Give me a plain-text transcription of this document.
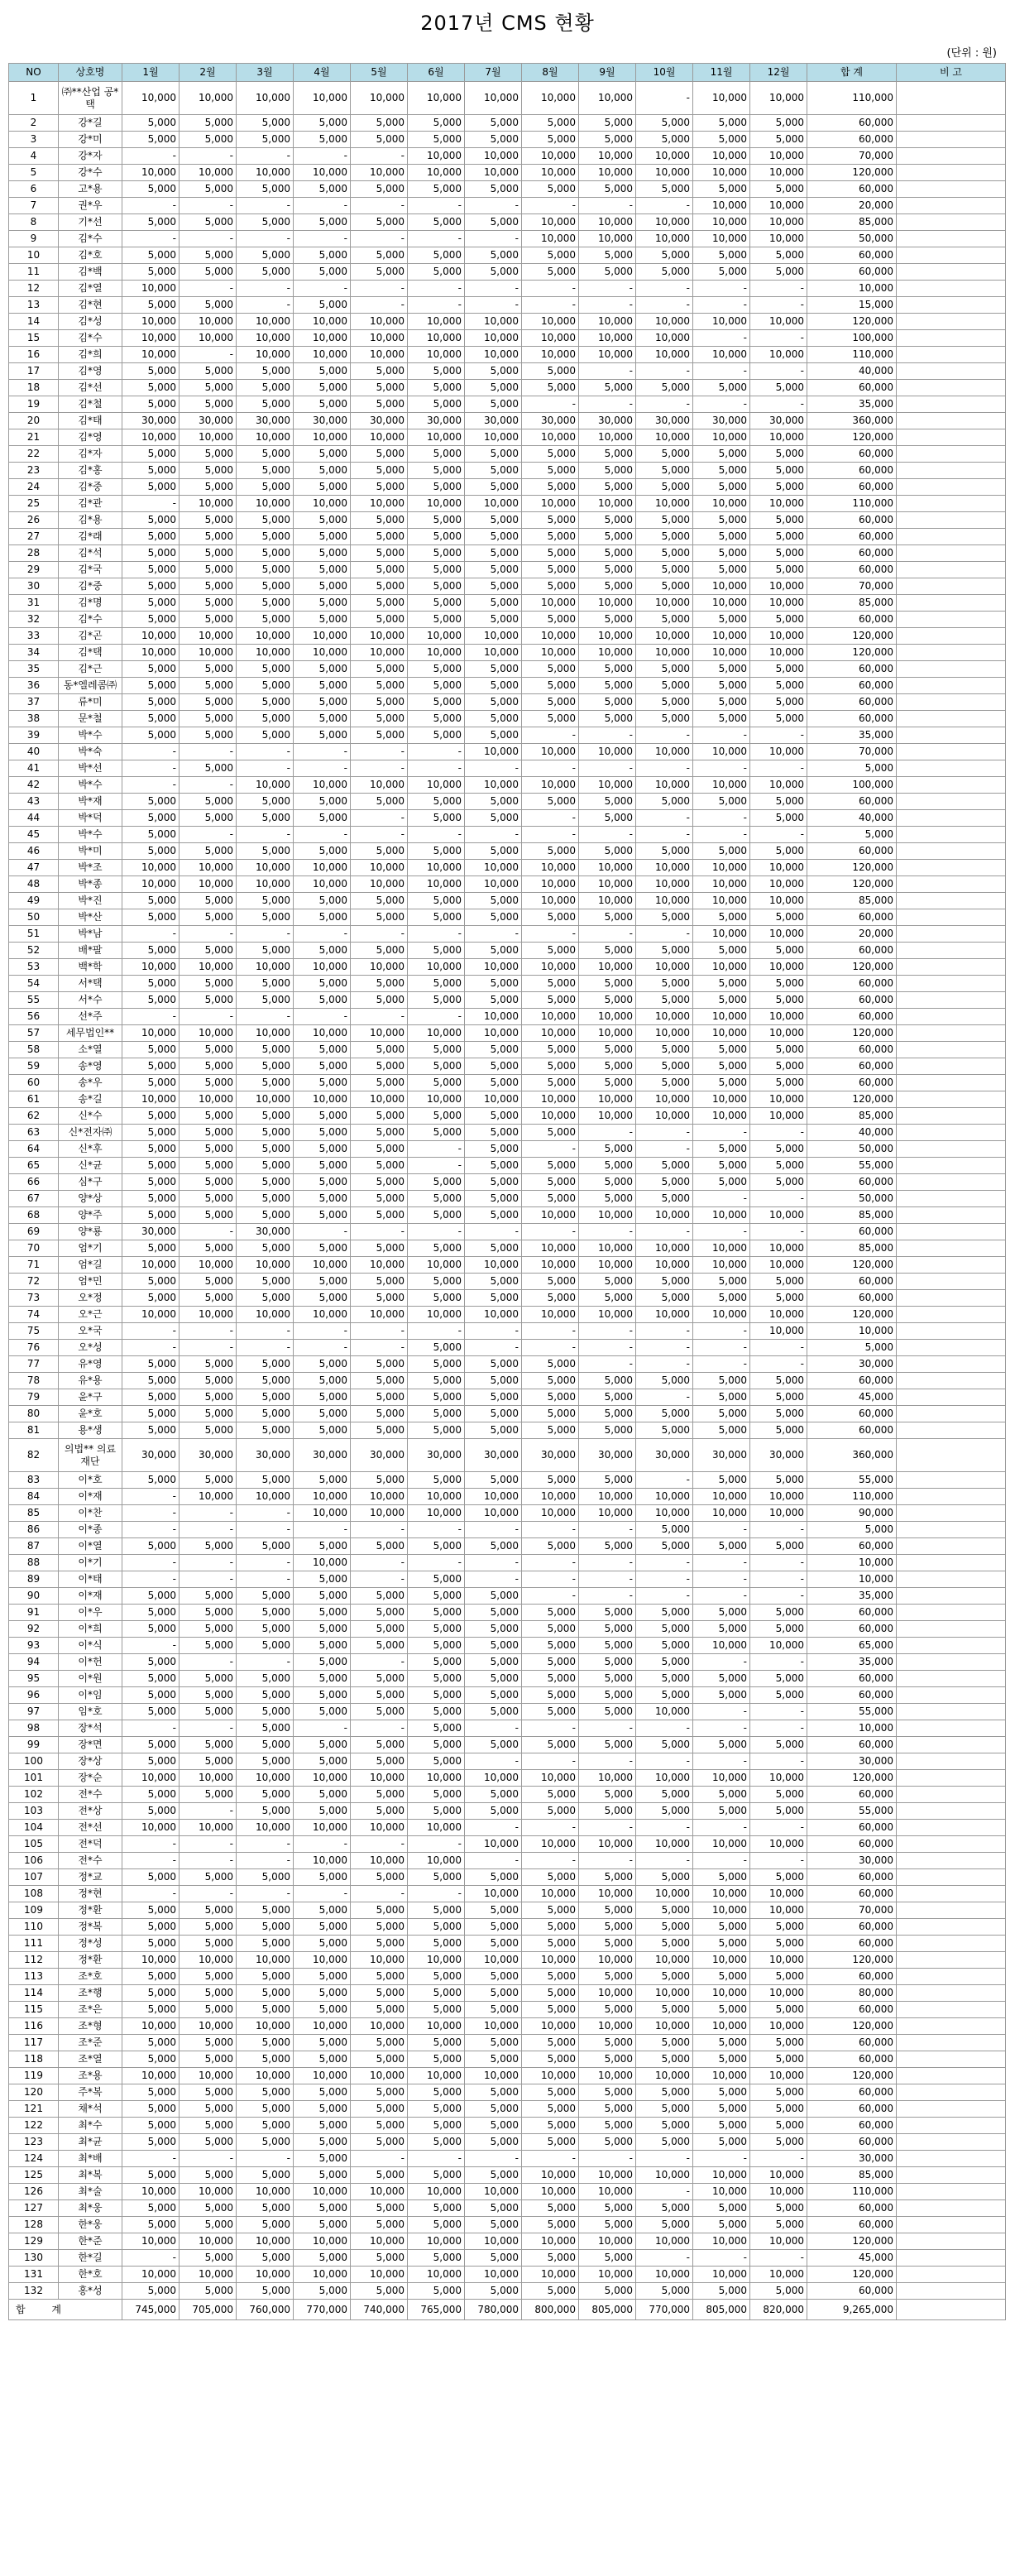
2017년 CMS 현황
(단위 : 원)
NO	상호명	1월	2월	3월	4월	5월	6월	7월	8월	9월	10월	11월	12월	합 계	비 고
1	㈜**산업 공*택	10,000	10,000	10,000	10,000	10,000	10,000	10,000	10,000	10,000	-	10,000	10,000	110,000	
2	강*길	5,000	5,000	5,000	5,000	5,000	5,000	5,000	5,000	5,000	5,000	5,000	5,000	60,000	
3	강*미	5,000	5,000	5,000	5,000	5,000	5,000	5,000	5,000	5,000	5,000	5,000	5,000	60,000	
4	강*자	-	-	-	-	-	10,000	10,000	10,000	10,000	10,000	10,000	10,000	70,000	
5	강*수	10,000	10,000	10,000	10,000	10,000	10,000	10,000	10,000	10,000	10,000	10,000	10,000	120,000	
6	고*용	5,000	5,000	5,000	5,000	5,000	5,000	5,000	5,000	5,000	5,000	5,000	5,000	60,000	
7	권*우	-	-	-	-	-	-	-	-	-	-	10,000	10,000	20,000	
8	기*선	5,000	5,000	5,000	5,000	5,000	5,000	5,000	10,000	10,000	10,000	10,000	10,000	85,000	
9	김*수	-	-	-	-	-	-	-	10,000	10,000	10,000	10,000	10,000	50,000	
10	김*호	5,000	5,000	5,000	5,000	5,000	5,000	5,000	5,000	5,000	5,000	5,000	5,000	60,000	
11	김*백	5,000	5,000	5,000	5,000	5,000	5,000	5,000	5,000	5,000	5,000	5,000	5,000	60,000	
12	김*열	10,000	-	-	-	-	-	-	-	-	-	-	-	10,000	
13	김*현	5,000	5,000	-	5,000	-	-	-	-	-	-	-	-	15,000	
14	김*성	10,000	10,000	10,000	10,000	10,000	10,000	10,000	10,000	10,000	10,000	10,000	10,000	120,000	
15	김*수	10,000	10,000	10,000	10,000	10,000	10,000	10,000	10,000	10,000	10,000	-	-	100,000	
16	김*희	10,000	-	10,000	10,000	10,000	10,000	10,000	10,000	10,000	10,000	10,000	10,000	110,000	
17	김*영	5,000	5,000	5,000	5,000	5,000	5,000	5,000	5,000	-	-	-	-	40,000	
18	김*선	5,000	5,000	5,000	5,000	5,000	5,000	5,000	5,000	5,000	5,000	5,000	5,000	60,000	
19	김*철	5,000	5,000	5,000	5,000	5,000	5,000	5,000	-	-	-	-	-	35,000	
20	김*태	30,000	30,000	30,000	30,000	30,000	30,000	30,000	30,000	30,000	30,000	30,000	30,000	360,000	
21	김*영	10,000	10,000	10,000	10,000	10,000	10,000	10,000	10,000	10,000	10,000	10,000	10,000	120,000	
22	김*자	5,000	5,000	5,000	5,000	5,000	5,000	5,000	5,000	5,000	5,000	5,000	5,000	60,000	
23	김*홍	5,000	5,000	5,000	5,000	5,000	5,000	5,000	5,000	5,000	5,000	5,000	5,000	60,000	
24	김*중	5,000	5,000	5,000	5,000	5,000	5,000	5,000	5,000	5,000	5,000	5,000	5,000	60,000	
25	김*관	-	10,000	10,000	10,000	10,000	10,000	10,000	10,000	10,000	10,000	10,000	10,000	110,000	
26	김*용	5,000	5,000	5,000	5,000	5,000	5,000	5,000	5,000	5,000	5,000	5,000	5,000	60,000	
27	김*래	5,000	5,000	5,000	5,000	5,000	5,000	5,000	5,000	5,000	5,000	5,000	5,000	60,000	
28	김*석	5,000	5,000	5,000	5,000	5,000	5,000	5,000	5,000	5,000	5,000	5,000	5,000	60,000	
29	김*국	5,000	5,000	5,000	5,000	5,000	5,000	5,000	5,000	5,000	5,000	5,000	5,000	60,000	
30	김*중	5,000	5,000	5,000	5,000	5,000	5,000	5,000	5,000	5,000	5,000	10,000	10,000	70,000	
31	김*명	5,000	5,000	5,000	5,000	5,000	5,000	5,000	10,000	10,000	10,000	10,000	10,000	85,000	
32	김*수	5,000	5,000	5,000	5,000	5,000	5,000	5,000	5,000	5,000	5,000	5,000	5,000	60,000	
33	김*곤	10,000	10,000	10,000	10,000	10,000	10,000	10,000	10,000	10,000	10,000	10,000	10,000	120,000	
34	김*택	10,000	10,000	10,000	10,000	10,000	10,000	10,000	10,000	10,000	10,000	10,000	10,000	120,000	
35	김*근	5,000	5,000	5,000	5,000	5,000	5,000	5,000	5,000	5,000	5,000	5,000	5,000	60,000	
36	동*엘레콤㈜	5,000	5,000	5,000	5,000	5,000	5,000	5,000	5,000	5,000	5,000	5,000	5,000	60,000	
37	류*미	5,000	5,000	5,000	5,000	5,000	5,000	5,000	5,000	5,000	5,000	5,000	5,000	60,000	
38	문*철	5,000	5,000	5,000	5,000	5,000	5,000	5,000	5,000	5,000	5,000	5,000	5,000	60,000	
39	박*수	5,000	5,000	5,000	5,000	5,000	5,000	5,000	-	-	-	-	-	35,000	
40	박*숙	-	-	-	-	-	-	10,000	10,000	10,000	10,000	10,000	10,000	70,000	
41	박*선	-	5,000	-	-	-	-	-	-	-	-	-	-	5,000	
42	박*수	-	-	10,000	10,000	10,000	10,000	10,000	10,000	10,000	10,000	10,000	10,000	100,000	
43	박*재	5,000	5,000	5,000	5,000	5,000	5,000	5,000	5,000	5,000	5,000	5,000	5,000	60,000	
44	박*덕	5,000	5,000	5,000	5,000	-	5,000	5,000	-	5,000	-	-	5,000	40,000	
45	박*수	5,000	-	-	-	-	-	-	-	-	-	-	-	5,000	
46	박*미	5,000	5,000	5,000	5,000	5,000	5,000	5,000	5,000	5,000	5,000	5,000	5,000	60,000	
47	박*조	10,000	10,000	10,000	10,000	10,000	10,000	10,000	10,000	10,000	10,000	10,000	10,000	120,000	
48	박*종	10,000	10,000	10,000	10,000	10,000	10,000	10,000	10,000	10,000	10,000	10,000	10,000	120,000	
49	박*진	5,000	5,000	5,000	5,000	5,000	5,000	5,000	10,000	10,000	10,000	10,000	10,000	85,000	
50	박*산	5,000	5,000	5,000	5,000	5,000	5,000	5,000	5,000	5,000	5,000	5,000	5,000	60,000	
51	박*남	-	-	-	-	-	-	-	-	-	-	10,000	10,000	20,000	
52	배*팔	5,000	5,000	5,000	5,000	5,000	5,000	5,000	5,000	5,000	5,000	5,000	5,000	60,000	
53	백*학	10,000	10,000	10,000	10,000	10,000	10,000	10,000	10,000	10,000	10,000	10,000	10,000	120,000	
54	서*택	5,000	5,000	5,000	5,000	5,000	5,000	5,000	5,000	5,000	5,000	5,000	5,000	60,000	
55	서*수	5,000	5,000	5,000	5,000	5,000	5,000	5,000	5,000	5,000	5,000	5,000	5,000	60,000	
56	선*주	-	-	-	-	-	-	10,000	10,000	10,000	10,000	10,000	10,000	60,000	
57	세무법인**	10,000	10,000	10,000	10,000	10,000	10,000	10,000	10,000	10,000	10,000	10,000	10,000	120,000	
58	소*열	5,000	5,000	5,000	5,000	5,000	5,000	5,000	5,000	5,000	5,000	5,000	5,000	60,000	
59	송*영	5,000	5,000	5,000	5,000	5,000	5,000	5,000	5,000	5,000	5,000	5,000	5,000	60,000	
60	송*우	5,000	5,000	5,000	5,000	5,000	5,000	5,000	5,000	5,000	5,000	5,000	5,000	60,000	
61	송*길	10,000	10,000	10,000	10,000	10,000	10,000	10,000	10,000	10,000	10,000	10,000	10,000	120,000	
62	신*수	5,000	5,000	5,000	5,000	5,000	5,000	5,000	10,000	10,000	10,000	10,000	10,000	85,000	
63	신*전자㈜	5,000	5,000	5,000	5,000	5,000	5,000	5,000	5,000	-	-	-	-	40,000	
64	신*후	5,000	5,000	5,000	5,000	5,000	-	5,000	-	5,000	-	5,000	5,000	50,000	
65	신*균	5,000	5,000	5,000	5,000	5,000	-	5,000	5,000	5,000	5,000	5,000	5,000	55,000	
66	심*구	5,000	5,000	5,000	5,000	5,000	5,000	5,000	5,000	5,000	5,000	5,000	5,000	60,000	
67	양*상	5,000	5,000	5,000	5,000	5,000	5,000	5,000	5,000	5,000	5,000	-	-	50,000	
68	양*주	5,000	5,000	5,000	5,000	5,000	5,000	5,000	10,000	10,000	10,000	10,000	10,000	85,000	
69	양*룡	30,000	-	30,000	-	-	-	-	-	-	-	-	-	60,000	
70	엄*기	5,000	5,000	5,000	5,000	5,000	5,000	5,000	10,000	10,000	10,000	10,000	10,000	85,000	
71	엄*길	10,000	10,000	10,000	10,000	10,000	10,000	10,000	10,000	10,000	10,000	10,000	10,000	120,000	
72	엄*민	5,000	5,000	5,000	5,000	5,000	5,000	5,000	5,000	5,000	5,000	5,000	5,000	60,000	
73	오*정	5,000	5,000	5,000	5,000	5,000	5,000	5,000	5,000	5,000	5,000	5,000	5,000	60,000	
74	오*근	10,000	10,000	10,000	10,000	10,000	10,000	10,000	10,000	10,000	10,000	10,000	10,000	120,000	
75	오*국	-	-	-	-	-	-	-	-	-	-	-	10,000	10,000	
76	오*성	-	-	-	-	-	5,000	-	-	-	-	-	-	5,000	
77	유*영	5,000	5,000	5,000	5,000	5,000	5,000	5,000	5,000	-	-	-	-	30,000	
78	유*용	5,000	5,000	5,000	5,000	5,000	5,000	5,000	5,000	5,000	5,000	5,000	5,000	60,000	
79	윤*구	5,000	5,000	5,000	5,000	5,000	5,000	5,000	5,000	5,000	-	5,000	5,000	45,000	
80	윤*호	5,000	5,000	5,000	5,000	5,000	5,000	5,000	5,000	5,000	5,000	5,000	5,000	60,000	
81	용*생	5,000	5,000	5,000	5,000	5,000	5,000	5,000	5,000	5,000	5,000	5,000	5,000	60,000	
82	의법** 의료재단	30,000	30,000	30,000	30,000	30,000	30,000	30,000	30,000	30,000	30,000	30,000	30,000	360,000	
83	이*호	5,000	5,000	5,000	5,000	5,000	5,000	5,000	5,000	5,000	-	5,000	5,000	55,000	
84	이*재	-	10,000	10,000	10,000	10,000	10,000	10,000	10,000	10,000	10,000	10,000	10,000	110,000	
85	이*찬	-	-	-	10,000	10,000	10,000	10,000	10,000	10,000	10,000	10,000	10,000	90,000	
86	이*종	-	-	-	-	-	-	-	-	-	5,000	-	-	5,000	
87	이*열	5,000	5,000	5,000	5,000	5,000	5,000	5,000	5,000	5,000	5,000	5,000	5,000	60,000	
88	이*기	-	-	-	10,000	-	-	-	-	-	-	-	-	10,000	
89	이*태	-	-	-	5,000	-	5,000	-	-	-	-	-	-	10,000	
90	이*재	5,000	5,000	5,000	5,000	5,000	5,000	5,000	-	-	-	-	-	35,000	
91	이*우	5,000	5,000	5,000	5,000	5,000	5,000	5,000	5,000	5,000	5,000	5,000	5,000	60,000	
92	이*희	5,000	5,000	5,000	5,000	5,000	5,000	5,000	5,000	5,000	5,000	5,000	5,000	60,000	
93	이*식	-	5,000	5,000	5,000	5,000	5,000	5,000	5,000	5,000	5,000	10,000	10,000	65,000	
94	이*헌	5,000	-	-	5,000	-	5,000	5,000	5,000	5,000	5,000	-	-	35,000	
95	이*원	5,000	5,000	5,000	5,000	5,000	5,000	5,000	5,000	5,000	5,000	5,000	5,000	60,000	
96	이*임	5,000	5,000	5,000	5,000	5,000	5,000	5,000	5,000	5,000	5,000	5,000	5,000	60,000	
97	임*호	5,000	5,000	5,000	5,000	5,000	5,000	5,000	5,000	5,000	10,000	-	-	55,000	
98	장*석	-	-	5,000	-	-	5,000	-	-	-	-	-	-	10,000	
99	장*면	5,000	5,000	5,000	5,000	5,000	5,000	5,000	5,000	5,000	5,000	5,000	5,000	60,000	
100	장*상	5,000	5,000	5,000	5,000	5,000	5,000	-	-	-	-	-	-	30,000	
101	장*순	10,000	10,000	10,000	10,000	10,000	10,000	10,000	10,000	10,000	10,000	10,000	10,000	120,000	
102	전*수	5,000	5,000	5,000	5,000	5,000	5,000	5,000	5,000	5,000	5,000	5,000	5,000	60,000	
103	전*상	5,000	-	5,000	5,000	5,000	5,000	5,000	5,000	5,000	5,000	5,000	5,000	55,000	
104	전*선	10,000	10,000	10,000	10,000	10,000	10,000	-	-	-	-	-	-	60,000	
105	전*덕	-	-	-	-	-	-	10,000	10,000	10,000	10,000	10,000	10,000	60,000	
106	전*수	-	-	-	10,000	10,000	10,000	-	-	-	-	-	-	30,000	
107	정*교	5,000	5,000	5,000	5,000	5,000	5,000	5,000	5,000	5,000	5,000	5,000	5,000	60,000	
108	정*현	-	-	-	-	-	-	10,000	10,000	10,000	10,000	10,000	10,000	60,000	
109	정*환	5,000	5,000	5,000	5,000	5,000	5,000	5,000	5,000	5,000	5,000	10,000	10,000	70,000	
110	정*복	5,000	5,000	5,000	5,000	5,000	5,000	5,000	5,000	5,000	5,000	5,000	5,000	60,000	
111	정*성	5,000	5,000	5,000	5,000	5,000	5,000	5,000	5,000	5,000	5,000	5,000	5,000	60,000	
112	정*환	10,000	10,000	10,000	10,000	10,000	10,000	10,000	10,000	10,000	10,000	10,000	10,000	120,000	
113	조*호	5,000	5,000	5,000	5,000	5,000	5,000	5,000	5,000	5,000	5,000	5,000	5,000	60,000	
114	조*행	5,000	5,000	5,000	5,000	5,000	5,000	5,000	5,000	10,000	10,000	10,000	10,000	80,000	
115	조*은	5,000	5,000	5,000	5,000	5,000	5,000	5,000	5,000	5,000	5,000	5,000	5,000	60,000	
116	조*형	10,000	10,000	10,000	10,000	10,000	10,000	10,000	10,000	10,000	10,000	10,000	10,000	120,000	
117	조*준	5,000	5,000	5,000	5,000	5,000	5,000	5,000	5,000	5,000	5,000	5,000	5,000	60,000	
118	조*열	5,000	5,000	5,000	5,000	5,000	5,000	5,000	5,000	5,000	5,000	5,000	5,000	60,000	
119	조*용	10,000	10,000	10,000	10,000	10,000	10,000	10,000	10,000	10,000	10,000	10,000	10,000	120,000	
120	주*복	5,000	5,000	5,000	5,000	5,000	5,000	5,000	5,000	5,000	5,000	5,000	5,000	60,000	
121	채*석	5,000	5,000	5,000	5,000	5,000	5,000	5,000	5,000	5,000	5,000	5,000	5,000	60,000	
122	최*수	5,000	5,000	5,000	5,000	5,000	5,000	5,000	5,000	5,000	5,000	5,000	5,000	60,000	
123	최*균	5,000	5,000	5,000	5,000	5,000	5,000	5,000	5,000	5,000	5,000	5,000	5,000	60,000	
124	최*배	-	-	-	5,000	-	-	-	-	-	-	-	-	30,000	
125	최*복	5,000	5,000	5,000	5,000	5,000	5,000	5,000	10,000	10,000	10,000	10,000	10,000	85,000	
126	최*술	10,000	10,000	10,000	10,000	10,000	10,000	10,000	10,000	10,000	-	10,000	10,000	110,000	
127	최*웅	5,000	5,000	5,000	5,000	5,000	5,000	5,000	5,000	5,000	5,000	5,000	5,000	60,000	
128	한*웅	5,000	5,000	5,000	5,000	5,000	5,000	5,000	5,000	5,000	5,000	5,000	5,000	60,000	
129	한*준	10,000	10,000	10,000	10,000	10,000	10,000	10,000	10,000	10,000	10,000	10,000	10,000	120,000	
130	한*길	-	5,000	5,000	5,000	5,000	5,000	5,000	5,000	5,000	-	-	-	45,000	
131	한*호	10,000	10,000	10,000	10,000	10,000	10,000	10,000	10,000	10,000	10,000	10,000	10,000	120,000	
132	홍*성	5,000	5,000	5,000	5,000	5,000	5,000	5,000	5,000	5,000	5,000	5,000	5,000	60,000	
합 계		745,000	705,000	760,000	770,000	740,000	765,000	780,000	800,000	805,000	770,000	805,000	820,000	9,265,000	
